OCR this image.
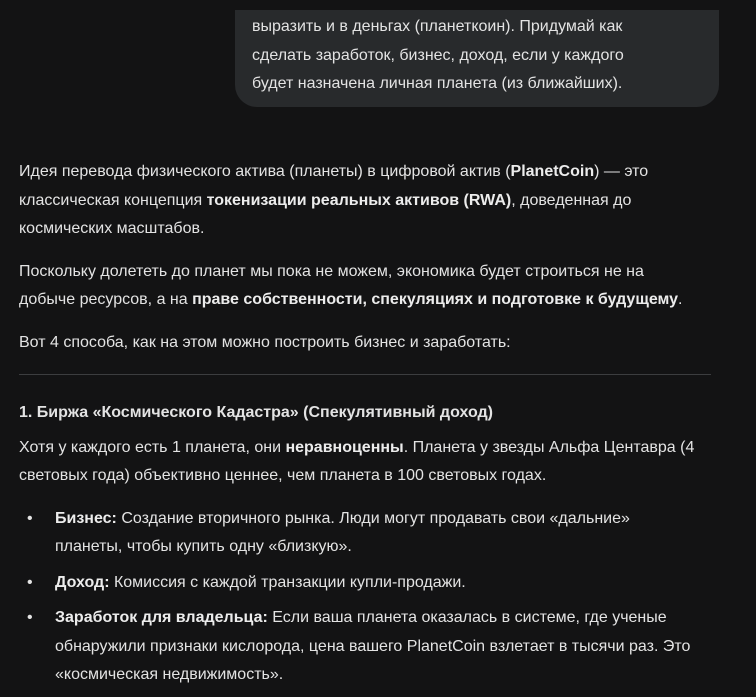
выразить и в деньгах (планеткоин). Придумай как
сделать заработок, бизнес, доход, если у каждого
будет назначена личная планета (из ближайших).

Идея перевода физического актива (планеты) в цифровой актив (PlanetCoin) — это
классическая концепция токенизации реальных активов (RWA), доведенная до
космических масштабов.

Поскольку долететь до планет мы пока не можем, экономика будет строиться не на
добыче ресурсов, а на праве собственности, спекуляциях и подготовке к будущему.

Вот 4 способа, как на этом можно построить бизнес и заработать:

1. Биржа «Космического Кадастра» (Спекулятивный доход)

Хотя у каждого есть 1 планета, они неравноценны. Планета у звезды Альфа Центавра (4
световых года) объективно ценнее, чем планета в 100 световых годах.

• Бизнес: Создание вторичного рынка. Люди могут продавать свои «дальние»
планеты, чтобы купить одну «близкую».
• Доход: Комиссия с каждой транзакции купли-продажи.
• Заработок для владельца: Если ваша планета оказалась в системе, где ученые
обнаружили признаки кислорода, цена вашего PlanetCoin взлетает в тысячи раз. Это
«космическая недвижимость».
